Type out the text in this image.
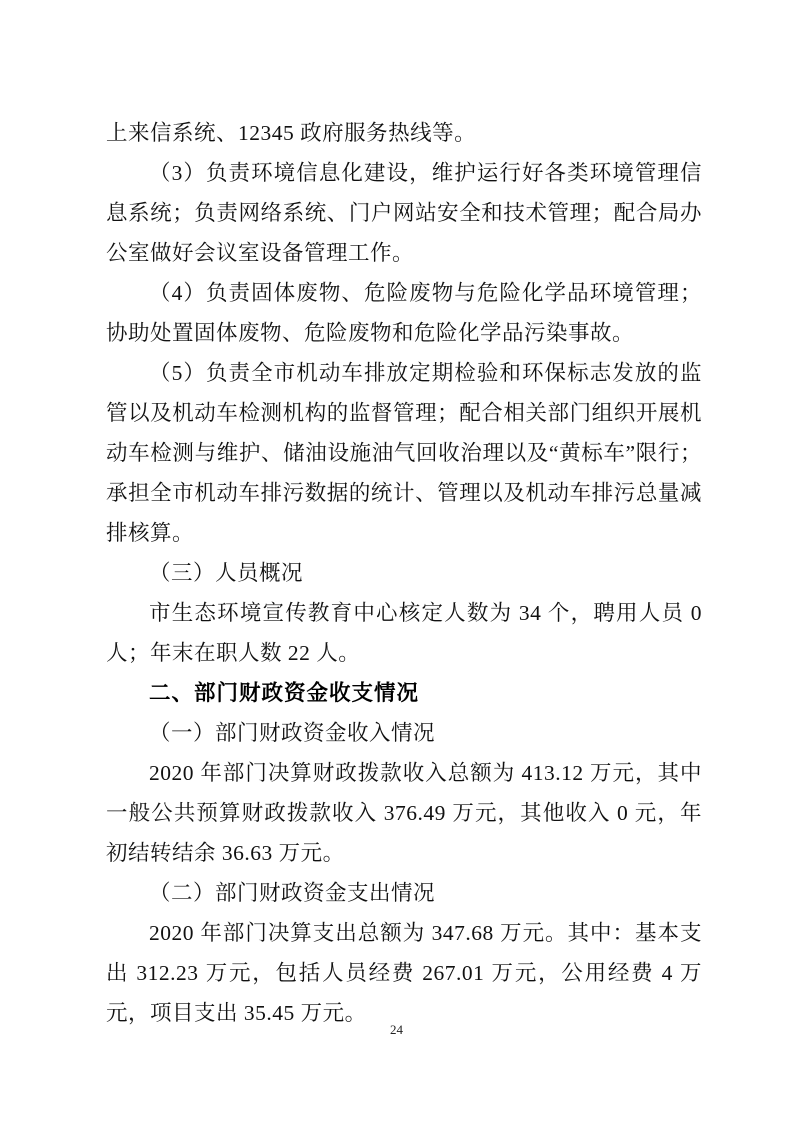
上来信系统、12345 政府服务热线等。

（3）负责环境信息化建设，维护运行好各类环境管理信息系统；负责网络系统、门户网站安全和技术管理；配合局办公室做好会议室设备管理工作。

（4）负责固体废物、危险废物与危险化学品环境管理；协助处置固体废物、危险废物和危险化学品污染事故。

（5）负责全市机动车排放定期检验和环保标志发放的监管以及机动车检测机构的监督管理；配合相关部门组织开展机动车检测与维护、储油设施油气回收治理以及“黄标车”限行；承担全市机动车排污数据的统计、管理以及机动车排污总量减排核算。

（三）人员概况

市生态环境宣传教育中心核定人数为 34 个，聘用人员 0 人；年末在职人数 22 人。

二、部门财政资金收支情况

（一）部门财政资金收入情况

2020 年部门决算财政拨款收入总额为 413.12 万元，其中一般公共预算财政拨款收入 376.49 万元，其他收入 0 元，年初结转结余 36.63 万元。

（二）部门财政资金支出情况

2020 年部门决算支出总额为 347.68 万元。其中：基本支出 312.23 万元，包括人员经费 267.01 万元，公用经费 4 万元，项目支出 35.45 万元。

24
